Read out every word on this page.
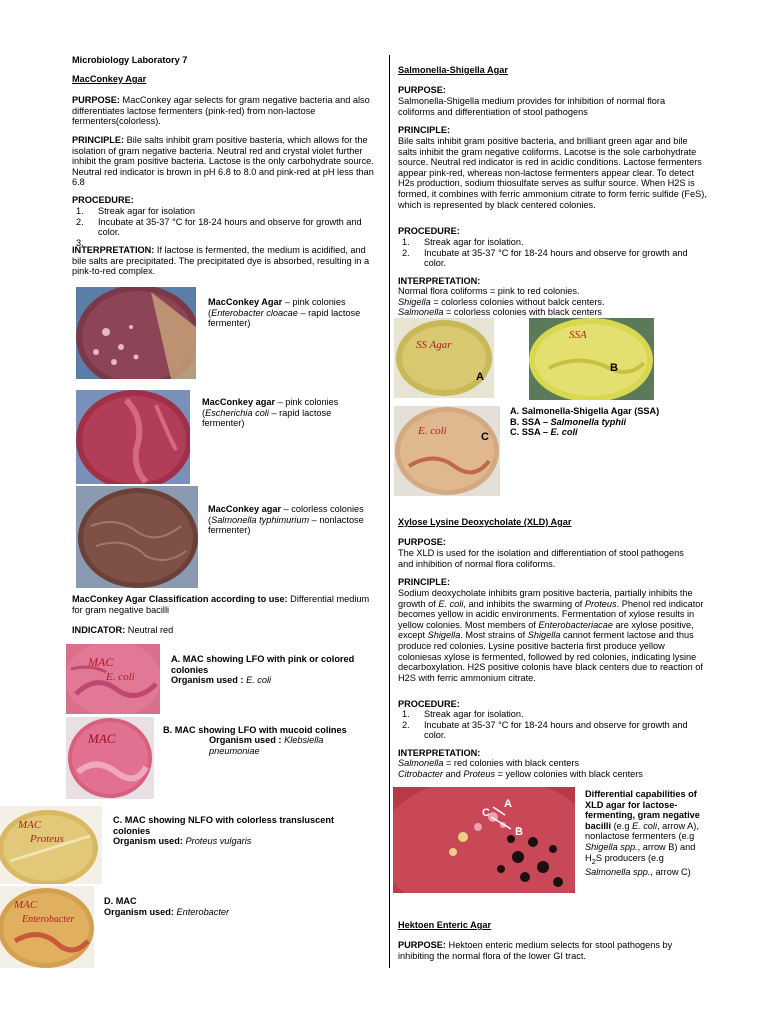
Microbiology Laboratory 7
MacConkey Agar
PURPOSE: MacConkey agar selects for gram negative bacteria and also differentiates lactose fermenters (pink-red) from non-lactose fermenters(colorless).
PRINCIPLE: Bile salts inhibit gram positive basteria, which allows for the isolation of gram negative bacteria. Neutral red and crystal violet further inhibit the gram positive bacteria. Lactose is the only carbohydrate source. Neutral red indicator is brown in pH 6.8 to 8.0 and pink-red at pH less than 6.8
PROCEDURE:
1. Streak agar for isolation
2. Incubate at 35-37 °C for 18-24 hours and observe for growth and color.
3.

INTERPRETATION: If lactose is fermented, the medium is acidified, and bile salts are precipitated. The precipitated dye is absorbed, resulting in a pink-to-red complex.
MacConkey Agar – pink colonies
(Enterobacter cloacae – rapid lactose
fermenter)
MacConkey agar – pink colonies
(Escherichia coli – rapid lactose
fermenter)
MacConkey agar – colorless colonies
(Salmonella typhimurium – nonlactose
fermenter)
MacConkey Agar Classification according to use: Differential medium for gram negative bacilli
INDICATOR: Neutral red
MAC
E. coli
A. MAC showing LFO with pink or colored colonies
Organism used : E. coli
MAC
B. MAC showing LFO with mucoid colines
Organism used : Klebsiella
pneumoniae
MAC
Proteus
C. MAC showing NLFO with colorless transluscent colonies
Organism used: Proteus vulgaris
MAC
Enterobacter
D. MAC
Organism used: Enterobacter
Salmonella-Shigella Agar
PURPOSE:
Salmonella-Shigella medium provides for inhibition of normal flora coliforms and differentiation of stool pathogens
PRINCIPLE:
Bile salts inhibit gram positive bacteria, and brilliant green agar and bile salts inhibit the gram negative coliforms. Lacotse is the sole carbohydrate source. Neutral red indicator is red in acidic conditions. Lactose fermenters appear pink-red, whereas non-lactose fermenters appear clear. To detect H2s production, sodium thiosulfate serves as sulfur source. When H2S is formed, it combines with ferric ammonium citrate to form ferric sulfide (FeS), which is represented by black centered colonies.
PROCEDURE:
1. Streak agar for isolation.
2. Incubate at 35-37 °C for 18-24 hours and observe for growth and color.
INTERPRETATION:
Normal flora coliforms = pink to red colonies.
Shigella = colorless colonies without balck centers.
Salmonella = colorless colonies with black centers
SS Agar
A
SSA
B
E. coli	C
A. Salmonella-Shigella Agar (SSA)
B. SSA – Salmonella typhii
C. SSA – E. coli
Xylose Lysine Deoxycholate (XLD) Agar
PURPOSE:
The XLD is used for the isolation and differentiation of stool pathogens and inhibition of normal flora coliforms.
PRINCIPLE:
Sodium deoxycholate inhibits gram positive bacteria, partially inhibits the growth of E. coli, and inhibits the swarming of Proteus. Phenol red indicator becomes yellow in acidic environments. Fermentation of xylose results in yellow colonies. Most members of Enterobacteriacae are xylose positive, except Shigella. Most strains of Shigella cannot ferment lactose and thus produce red colonies. Lysine positive bacteria first produce yellow coloniesas xylose is fermented, followed by red colonies, indicating lysine decarboxylation. H2S positive colonis have black centers due to reaction of H2S with ferric ammonium citrate.
PROCEDURE:
1. Streak agar for isolation.
2. Incubate at 35-37 °C for 18-24 hours and observe for growth and color.
INTERPRETATION:
Salmonella = red colonies with black centers
Citrobacter and Proteus = yellow colonies with black centers
A
C
B
Differential capabilities of XLD agar for lactose-fermenting, gram negative bacilli (e.g E. coli, arrow A), nonlactose fermenters (e.g Shigella spp., arrow B) and $H_2S$ producers (e.g Salmonella spp., arrow C)
Hektoen Enteric Agar
PURPOSE: Hektoen enteric medium selects for stool pathogens by inhibiting the normal flora of the lower GI tract.
